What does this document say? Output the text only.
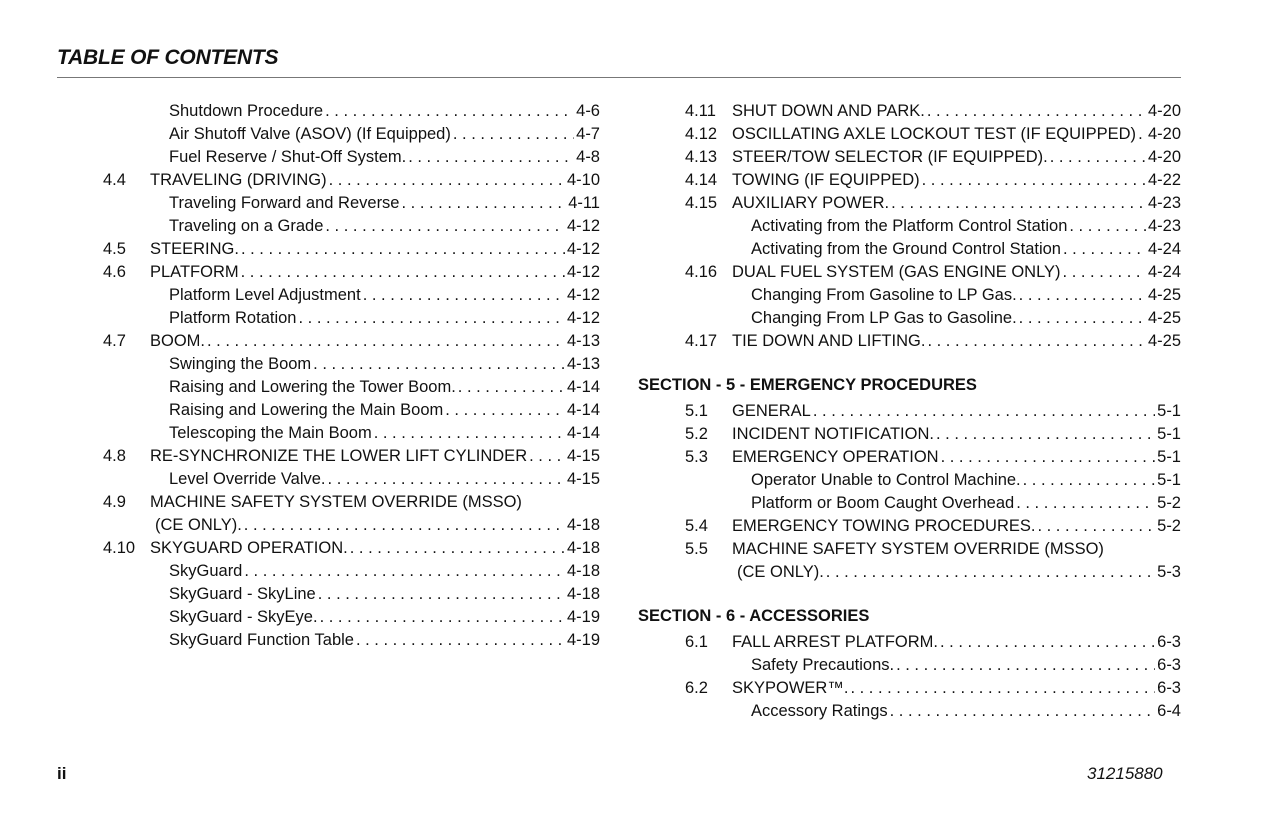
TABLE OF CONTENTS
Shutdown Procedure . . .	4-6
Air Shutoff Valve (ASOV) (If Equipped) . . .	4-7
Fuel Reserve / Shut-Off System. . . .	4-8
4.4 TRAVELING (DRIVING) . . .	4-10
Traveling Forward and Reverse . . .	4-11
Traveling on a Grade . . .	4-12
4.5 STEERING. . . .	4-12
4.6 PLATFORM . . .	4-12
Platform Level Adjustment . . .	4-12
Platform Rotation . . .	4-12
4.7 BOOM. . . .	4-13
Swinging the Boom . . .	4-13
Raising and Lowering the Tower Boom. . . .	4-14
Raising and Lowering the Main Boom . . .	4-14
Telescoping the Main Boom . . .	4-14
4.8 RE-SYNCHRONIZE THE LOWER LIFT CYLINDER . . . 4-15
Level Override Valve. . . .	4-15
4.9 MACHINE SAFETY SYSTEM OVERRIDE (MSSO)
(CE ONLY). . . .	4-18
4.10 SKYGUARD OPERATION. . . .	4-18
SkyGuard . . .	4-18
SkyGuard - SkyLine . . .	4-18
SkyGuard - SkyEye. . . .	4-19
SkyGuard Function Table . . .	4-19
4.11 SHUT DOWN AND PARK. . . .	4-20
4.12 OSCILLATING AXLE LOCKOUT TEST (IF EQUIPPED) . . . 4-20
4.13 STEER/TOW SELECTOR (IF EQUIPPED). . . .	4-20
4.14 TOWING (IF EQUIPPED) . . .	4-22
4.15 AUXILIARY POWER. . . .	4-23
Activating from the Platform Control Station . . .	4-23
Activating from the Ground Control Station . . .	4-24
4.16 DUAL FUEL SYSTEM (GAS ENGINE ONLY) . . .	4-24
Changing From Gasoline to LP Gas. . . .	4-25
Changing From LP Gas to Gasoline. . . .	4-25
4.17 TIE DOWN AND LIFTING. . . .	4-25
SECTION - 5 - EMERGENCY PROCEDURES
5.1 GENERAL . . .	5-1
5.2 INCIDENT NOTIFICATION. . . .	5-1
5.3 EMERGENCY OPERATION . . .	5-1
Operator Unable to Control Machine. . . .	5-1
Platform or Boom Caught Overhead . . .	5-2
5.4 EMERGENCY TOWING PROCEDURES. . . .	5-2
5.5 MACHINE SAFETY SYSTEM OVERRIDE (MSSO)
(CE ONLY). . . .	5-3
SECTION - 6 - ACCESSORIES
6.1 FALL ARREST PLATFORM. . . .	6-3
Safety Precautions. . . .	6-3
6.2 SKYPOWER™. . . .	6-3
Accessory Ratings . . .	6-4
ii	31215880
